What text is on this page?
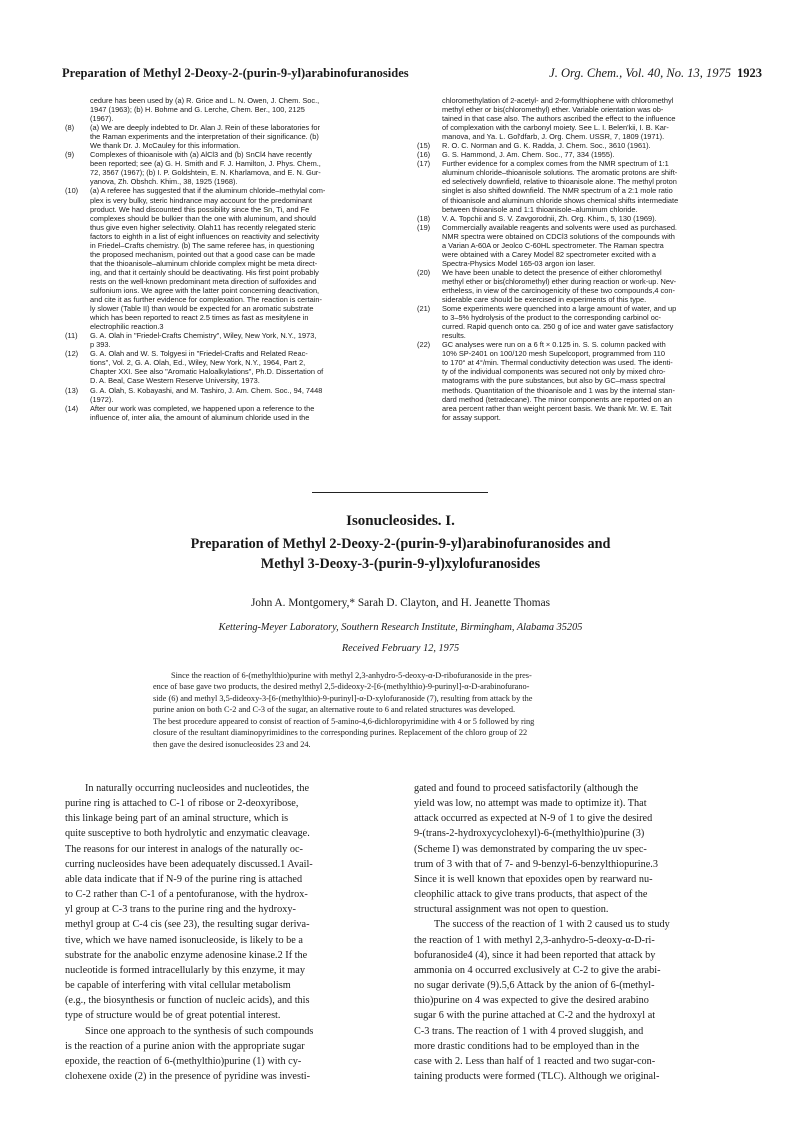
Preparation of Methyl 2-Deoxy-2-(purin-9-yl)arabinofuranosides	J. Org. Chem., Vol. 40, No. 13, 1975 1923
cedure has been used by (a) R. Grice and L. N. Owen, J. Chem. Soc.,
1947 (1963); (b) H. Bohme and G. Lerche, Chem. Ber., 100, 2125
(1967).
(8) (a) We are deeply indebted to Dr. Alan J. Rein of these laboratories for
the Raman experiments and the interpretation of their significance. (b)
We thank Dr. J. McCauley for this information.
(9) Complexes of thioanisole with (a) AlCl3 and (b) SnCl4 have recently
been reported; see (a) G. H. Smith and F. J. Hamilton, J. Phys. Chem.,
72, 3567 (1967); (b) I. P. Goldshtein, E. N. Kharlamova, and E. N. Gur-
yanova, Zh. Obshch. Khim., 38, 1925 (1968).
(10) (a) A referee has suggested that if the aluminum chloride–methylal com-
plex is very bulky, steric hindrance may account for the predominant
product. We had discounted this possibility since the Sn, Ti, and Fe
complexes should be bulkier than the one with aluminum, and should
thus give even higher selectivity. Olah11 has recently relegated steric
factors to eighth in a list of eight influences on reactivity and selectivity
in Friedel–Crafts chemistry. (b) The same referee has, in questioning
the proposed mechanism, pointed out that a good case can be made
that the thioanisole–aluminum chloride complex might be meta direct-
ing, and that it certainly should be deactivating. His first point probably
rests on the well-known predominant meta direction of sulfoxides and
sulfonium ions. We agree with the latter point concerning deactivation,
and cite it as further evidence for complexation. The reaction is certain-
ly slower (Table II) than would be expected for an aromatic substrate
which has been reported to react 2.5 times as fast as mesitylene in
electrophilic reaction.3
(11) G. A. Olah in "Friedel-Crafts Chemistry", Wiley, New York, N.Y., 1973,
p 393.
(12) G. A. Olah and W. S. Tolgyesi in "Friedel-Crafts and Related Reac-
tions", Vol. 2, G. A. Olah, Ed., Wiley, New York, N.Y., 1964, Part 2,
Chapter XXI. See also "Aromatic Haloalkylations", Ph.D. Dissertation of
D. A. Beal, Case Western Reserve University, 1973.
(13) G. A. Olah, S. Kobayashi, and M. Tashiro, J. Am. Chem. Soc., 94, 7448
(1972).
(14) After our work was completed, we happened upon a reference to the
influence of, inter alia, the amount of aluminum chloride used in the
chloromethylation of 2-acetyl- and 2-formylthiophene with chloromethyl
methyl ether or bis(chloromethyl) ether. Variable orientation was ob-
tained in that case also. The authors ascribed the effect to the influence
of complexation with the carbonyl moiety. See L. I. Belen'kii, I. B. Kar-
manova, and Ya. L. Gol'dfarb, J. Org. Chem. USSR, 7, 1809 (1971).
(15) R. O. C. Norman and G. K. Radda, J. Chem. Soc., 3610 (1961).
(16) G. S. Hammond, J. Am. Chem. Soc., 77, 334 (1955).
(17) Further evidence for a complex comes from the NMR spectrum of 1:1
aluminum chloride–thioanisole solutions. The aromatic protons are shift-
ed selectively downfield, relative to thioanisole alone. The methyl proton
singlet is also shifted downfield. The NMR spectrum of a 2:1 mole ratio
of thioanisole and aluminum chloride shows chemical shifts intermediate
between thioanisole and 1:1 thioanisole–aluminum chloride.
(18) V. A. Topchii and S. V. Zavgorodnii, Zh. Org. Khim., 5, 130 (1969).
(19) Commercially available reagents and solvents were used as purchased.
NMR spectra were obtained on CDCl3 solutions of the compounds with
a Varian A-60A or Jeolco C-60HL spectrometer. The Raman spectra
were obtained with a Carey Model 82 spectrometer excited with a
Spectra-Physics Model 165-03 argon ion laser.
(20) We have been unable to detect the presence of either chloromethyl
methyl ether or bis(chloromethyl) ether during reaction or work-up. Nev-
ertheless, in view of the carcinogenicity of these two compounds,4 con-
siderable care should be exercised in experiments of this type.
(21) Some experiments were quenched into a large amount of water, and up
to 3–5% hydrolysis of the product to the corresponding carbinol oc-
curred. Rapid quench onto ca. 250 g of ice and water gave satisfactory
results.
(22) GC analyses were run on a 6 ft × 0.125 in. S. S. column packed with
10% SP-2401 on 100/120 mesh Supelcoport, programmed from 110
to 170° at 4°/min. Thermal conductivity detection was used. The identi-
ty of the individual components was secured not only by mixed chro-
matograms with the pure substances, but also by GC–mass spectral
methods. Quantitation of the thioanisole and 1 was by the internal stan-
dard method (tetradecane). The minor components are reported on an
area percent rather than weight percent basis. We thank Mr. W. E. Tait
for assay support.
Isonucleosides. I.
Preparation of Methyl 2-Deoxy-2-(purin-9-yl)arabinofuranosides and
Methyl 3-Deoxy-3-(purin-9-yl)xylofuranosides
John A. Montgomery,* Sarah D. Clayton, and H. Jeanette Thomas
Kettering-Meyer Laboratory, Southern Research Institute, Birmingham, Alabama 35205
Received February 12, 1975
Since the reaction of 6-(methylthio)purine with methyl 2,3-anhydro-5-deoxy-α-D-ribofuranoside in the pres-
ence of base gave two products, the desired methyl 2,5-dideoxy-2-[6-(methylthio)-9-purinyl]-α-D-arabinofurano-
side (6) and methyl 3,5-dideoxy-3-[6-(methylthio)-9-purinyl]-α-D-xylofuranoside (7), resulting from attack by the
purine anion on both C-2 and C-3 of the sugar, an alternative route to 6 and related structures was developed.
The best procedure appeared to consist of reaction of 5-amino-4,6-dichloropyrimidine with 4 or 5 followed by ring
closure of the resultant diaminopyrimidines to the corresponding purines. Replacement of the chloro group of 22
then gave the desired isonucleosides 23 and 24.
In naturally occurring nucleosides and nucleotides, the
purine ring is attached to C-1 of ribose or 2-deoxyribose,
this linkage being part of an aminal structure, which is
quite susceptive to both hydrolytic and enzymatic cleavage.
The reasons for our interest in analogs of the naturally oc-
curring nucleosides have been adequately discussed.1 Avail-
able data indicate that if N-9 of the purine ring is attached
to C-2 rather than C-1 of a pentofuranose, with the hydrox-
yl group at C-3 trans to the purine ring and the hydroxy-
methyl group at C-4 cis (see 23), the resulting sugar deriva-
tive, which we have named isonucleoside, is likely to be a
substrate for the anabolic enzyme adenosine kinase.2 If the
nucleotide is formed intracellularly by this enzyme, it may
be capable of interfering with vital cellular metabolism
(e.g., the biosynthesis or function of nucleic acids), and this
type of structure would be of great potential interest.
Since one approach to the synthesis of such compounds
is the reaction of a purine anion with the appropriate sugar
epoxide, the reaction of 6-(methylthio)purine (1) with cy-
clohexene oxide (2) in the presence of pyridine was investi-
gated and found to proceed satisfactorily (although the
yield was low, no attempt was made to optimize it). That
attack occurred as expected at N-9 of 1 to give the desired
9-(trans-2-hydroxycyclohexyl)-6-(methylthio)purine (3)
(Scheme I) was demonstrated by comparing the uv spec-
trum of 3 with that of 7- and 9-benzyl-6-benzylthiopurine.3
Since it is well known that epoxides open by rearward nu-
cleophilic attack to give trans products, that aspect of the
structural assignment was not open to question.
The success of the reaction of 1 with 2 caused us to study
the reaction of 1 with methyl 2,3-anhydro-5-deoxy-α-D-ri-
bofuranoside4 (4), since it had been reported that attack by
ammonia on 4 occurred exclusively at C-2 to give the arabi-
no sugar derivate (9).5,6 Attack by the anion of 6-(methyl-
thio)purine on 4 was expected to give the desired arabino
sugar 6 with the purine attached at C-2 and the hydroxyl at
C-3 trans. The reaction of 1 with 4 proved sluggish, and
more drastic conditions had to be employed than in the
case with 2. Less than half of 1 reacted and two sugar-con-
taining products were formed (TLC). Although we original-
